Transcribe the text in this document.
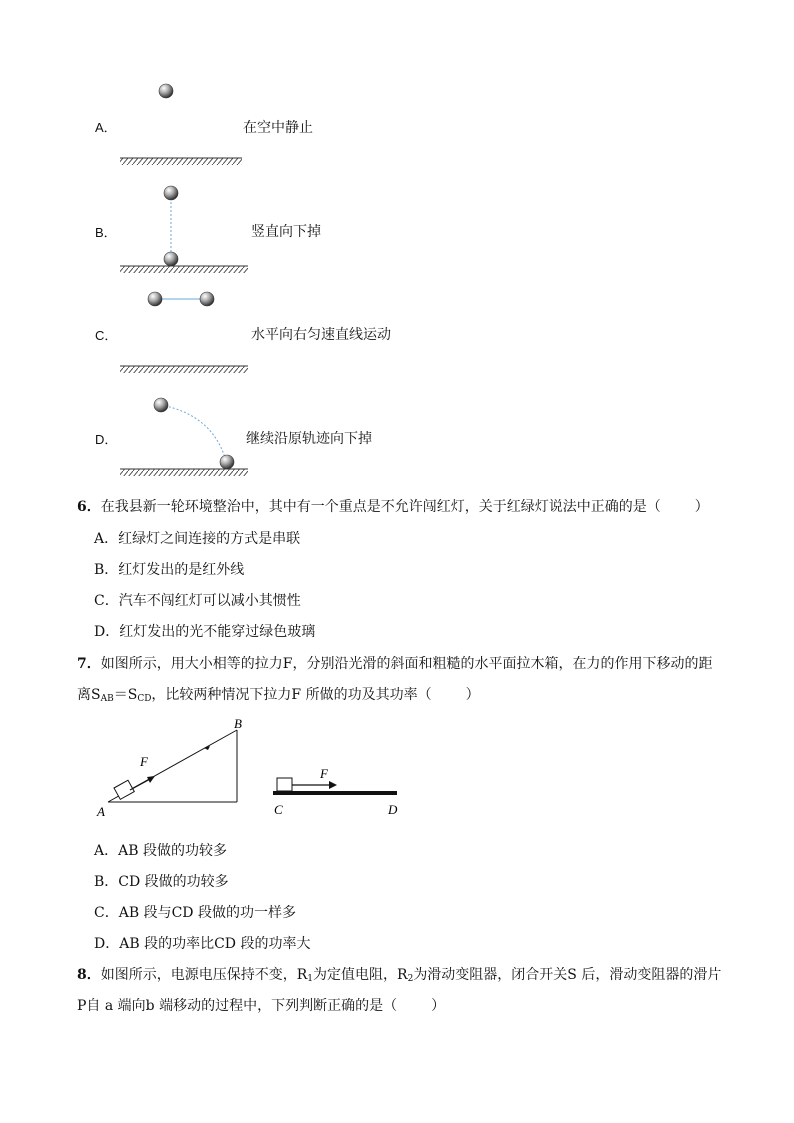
A．	在空中静止
B．	竖直向下掉
C．	水平向右匀速直线运动
D．	继续沿原轨迹向下掉
6．在我县新一轮环境整治中，其中有一个重点是不允许闯红灯，关于红绿灯说法中正确的是（ ）
A．红绿灯之间连接的方式是串联
B．红灯发出的是红外线
C．汽车不闯红灯可以减小其惯性
D．红灯发出的光不能穿过绿色玻璃
7．如图所示，用大小相等的拉力F，分别沿光滑的斜面和粗糙的水平面拉木箱，在力的作用下移动的距
离$S_{AB}=S_{CD}$，比较两种情况下拉力F 所做的功及其功率（ ）
A
B
F
F
C	D
A．AB 段做的功较多
B．CD 段做的功较多
C．AB 段与CD 段做的功一样多
D．AB 段的功率比CD 段的功率大
8．如图所示，电源电压保持不变，$R_1$为定值电阻，$R_2$为滑动变阻器，闭合开关S 后，滑动变阻器的滑片
P自 a 端向b 端移动的过程中，下列判断正确的是（ ）
